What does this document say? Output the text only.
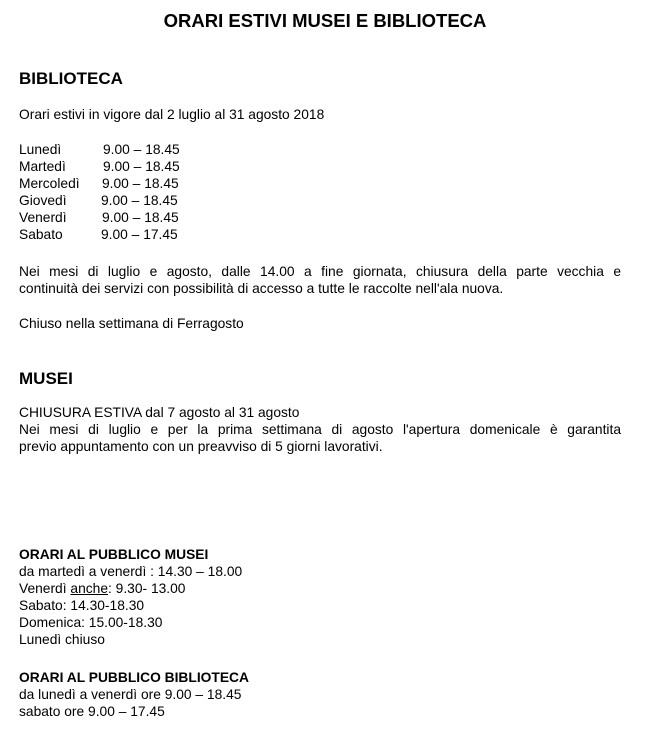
ORARI ESTIVI MUSEI E BIBLIOTECA
BIBLIOTECA
Orari estivi in vigore dal 2 luglio al 31 agosto 2018
Lunedì	9.00 – 18.45
Martedì	9.00 – 18.45
Mercoledì 9.00 – 18.45
Giovedì 9.00 – 18.45
Venerdì	9.00 – 18.45
Sabato	9.00 – 17.45
Nei mesi di luglio e agosto, dalle 14.00 a fine giornata, chiusura della parte vecchia e
continuità dei servizi con possibilità di accesso a tutte le raccolte nell'ala nuova.
Chiuso nella settimana di Ferragosto
MUSEI
CHIUSURA ESTIVA dal 7 agosto al 31 agosto
Nei mesi di luglio e per la prima settimana di agosto l'apertura domenicale è garantita
previo appuntamento con un preavviso di 5 giorni lavorativi.
ORARI AL PUBBLICO MUSEI
da martedì a venerdì : 14.30 – 18.00
Venerdì anche: 9.30- 13.00
Sabato: 14.30-18.30
Domenica: 15.00-18.30
Lunedì chiuso
ORARI AL PUBBLICO BIBLIOTECA
da lunedì a venerdì ore 9.00 – 18.45
sabato ore 9.00 – 17.45
